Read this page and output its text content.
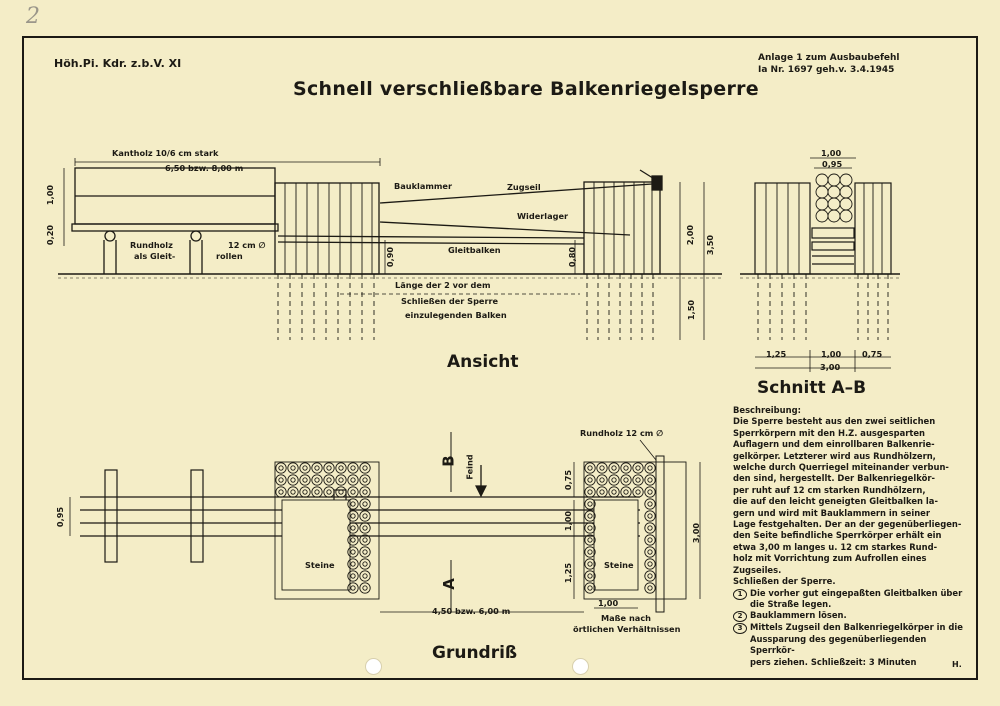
2
Höh.Pi. Kdr. z.b.V. XI
Schnell verschließbare Balkenriegelsperre
Anlage 1 zum Ausbaubefehl
Ia Nr. 1697 geh.v. 3.4.1945
Ansicht
Schnitt A–B
Grundriß
Kantholz 10/6 cm stark
6,50 bzw. 8,00 m
1,00
0,20	Rundholz
als Gleit-
12 cm ∅
rollen
Bauklammer	Zugseil
Widerlager
Gleitbalken
0,90	0,80
2,00 3,50
1,50
Länge der 2 vor dem
Schließen der Sperre
einzulegenden Balken
1,00
0,95
1,25	1,00	0,75
3,00
Rundholz 12 cm ∅
B
A
Feind
Steine	Steine
0,95
0,75
1,00
1,25
3,00
1,00
4,50 bzw. 6,00 m
Maße nach
örtlichen Verhältnissen

Beschreibung:

Die Sperre besteht aus den zwei seitlichen

Sperrkörpern mit den H.Z. ausgesparten

Auflagern und dem einrollbaren Balkenrie-

gelkörper. Letzterer wird aus Rundhölzern,

welche durch Querriegel miteinander verbun-

den sind, hergestellt. Der Balkenriegelkör-

per ruht auf 12 cm starken Rundhölzern,

die auf den leicht geneigten Gleitbalken la-

gern und wird mit Bauklammern in seiner

Lage festgehalten. Der an der gegenüberliegen-

den Seite befindliche Sperrkörper erhält ein

etwa 3,00 m langes u. 12 cm starkes Rund-

holz mit Vorrichtung zum Aufrollen eines

Zugseiles.

Schließen der Sperre.

1 Die vorher gut eingepaßten Gleitbalken über

die Straße legen.

2 Bauklammern lösen.

3 Mittels Zugseil den Balkenriegelkörper in die

Aussparung des gegenüberliegenden Sperrkör-

pers ziehen. Schließzeit: 3 Minuten	H.
